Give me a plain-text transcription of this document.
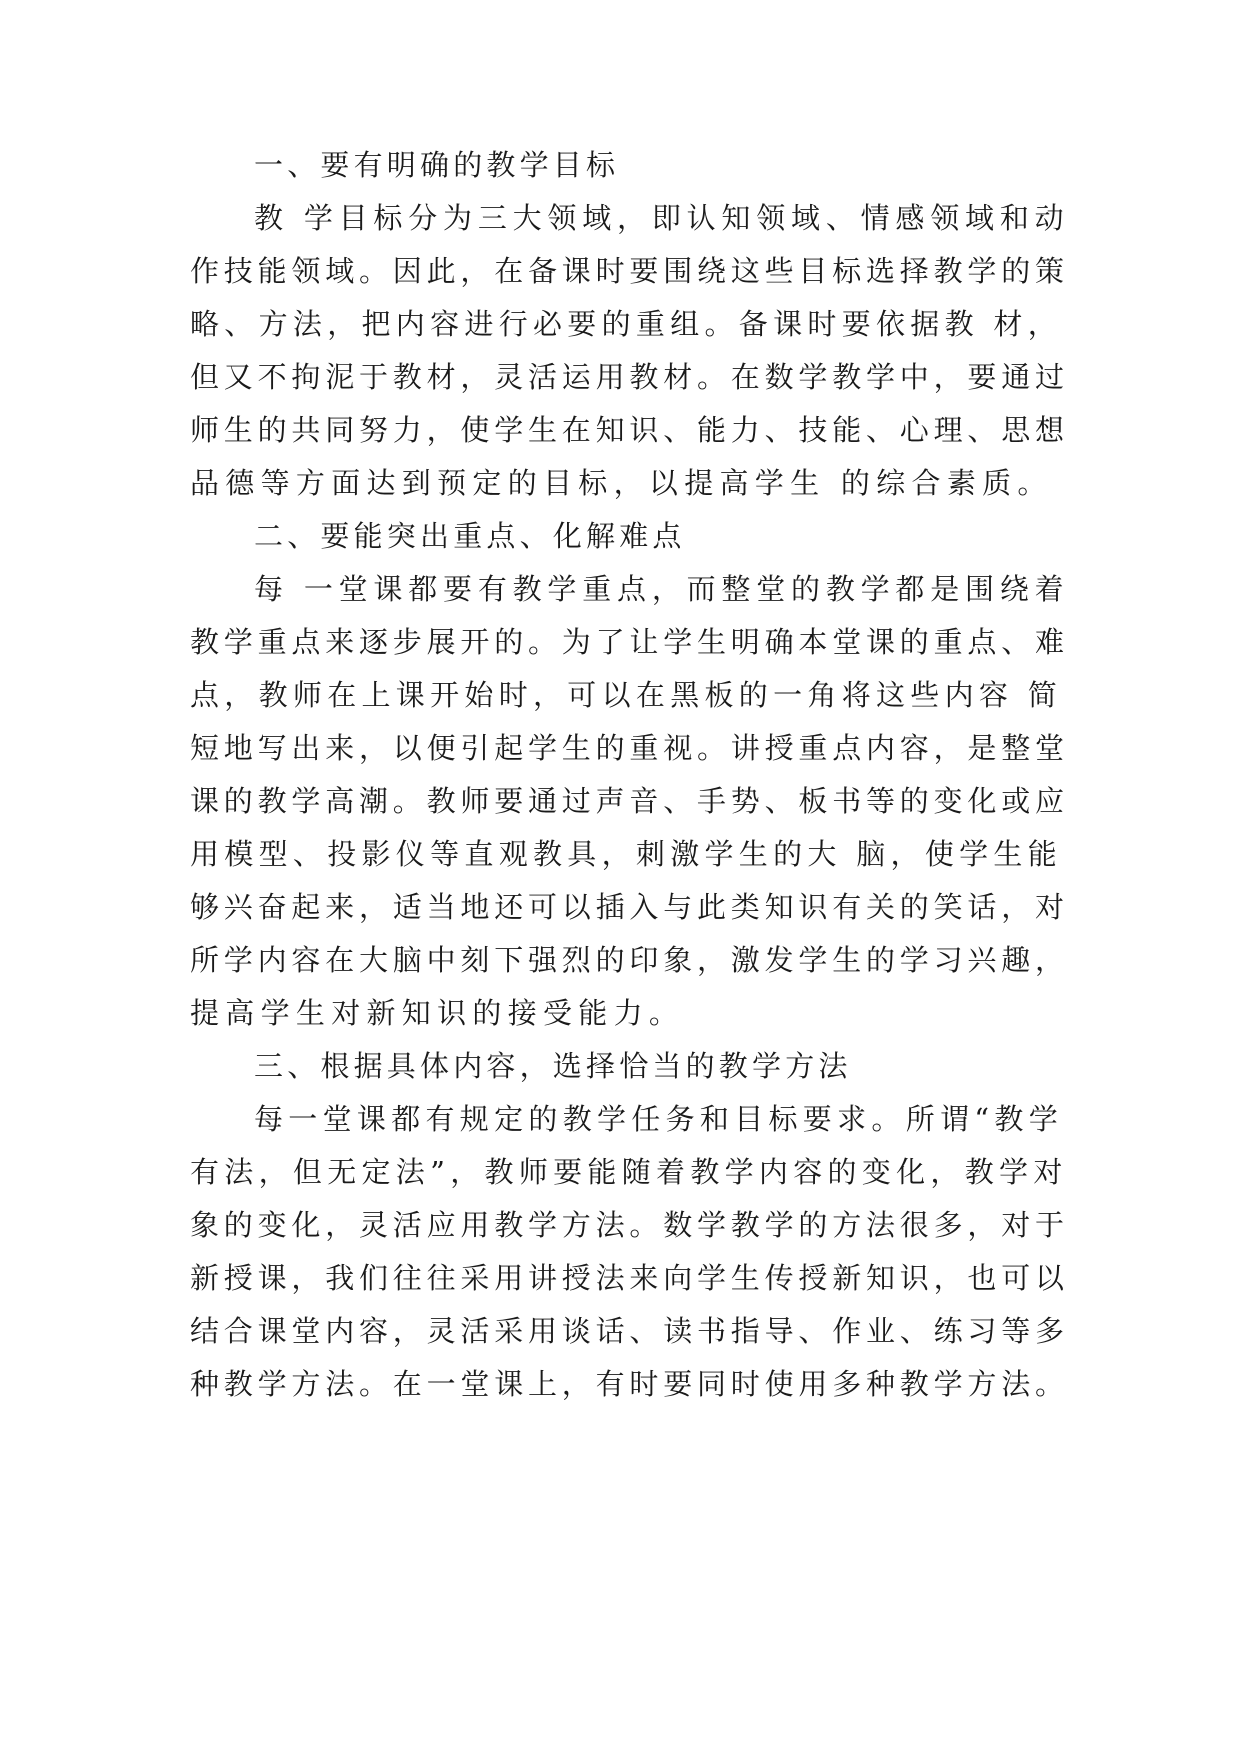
一、要有明确的教学目标
教 学目标分为三大领域，即认知领域、情感领域和动
作技能领域。因此，在备课时要围绕这些目标选择教学的策
略、方法，把内容进行必要的重组。备课时要依据教 材，
但又不拘泥于教材，灵活运用教材。在数学教学中，要通过
师生的共同努力，使学生在知识、能力、技能、心理、思想
品德等方面达到预定的目标，以提高学生 的综合素质。
二、要能突出重点、化解难点
每 一堂课都要有教学重点，而整堂的教学都是围绕着
教学重点来逐步展开的。为了让学生明确本堂课的重点、难
点，教师在上课开始时，可以在黑板的一角将这些内容 简
短地写出来，以便引起学生的重视。讲授重点内容，是整堂
课的教学高潮。教师要通过声音、手势、板书等的变化或应
用模型、投影仪等直观教具，刺激学生的大 脑，使学生能
够兴奋起来，适当地还可以插入与此类知识有关的笑话，对
所学内容在大脑中刻下强烈的印象，激发学生的学习兴趣，
提高学生对新知识的接受能力。
三、根据具体内容，选择恰当的教学方法
每一堂课都有规定的教学任务和目标要求。所谓“教学
有法，但无定法”，教师要能随着教学内容的变化，教学对
象的变化，灵活应用教学方法。数学教学的方法很多，对于
新授课，我们往往采用讲授法来向学生传授新知识，也可以
结合课堂内容，灵活采用谈话、读书指导、作业、练习等多
种教学方法。在一堂课上，有时要同时使用多种教学方法。
